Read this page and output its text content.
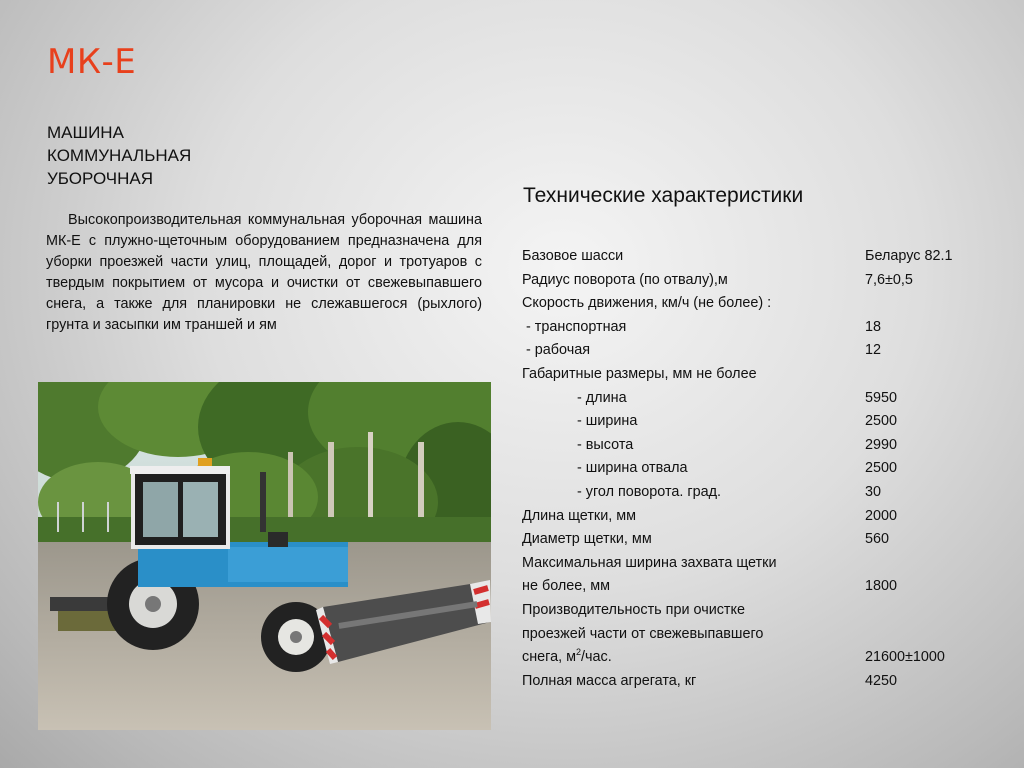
МК-Е
МАШИНА
КОММУНАЛЬНАЯ
УБОРОЧНАЯ
Высокопроизводительная коммунальная уборочная машина МК-Е с плужно-щеточным оборудованием предназначена для уборки проезжей части улиц, площадей, дорог и тротуаров с твердым покрытием от мусора и очистки от свежевыпавшего снега, а также для планировки не слежавшегося (рыхлого) грунта и засыпки им траншей и ям
Технические характеристики
Базовое шасси	Беларус 82.1
Радиус поворота (по отвалу),м	7,6±0,5
Скорость движения, км/ч (не более) :
- транспортная	18
- рабочая	12
Габаритные размеры, мм не более
- длина	5950
- ширина	2500
- высота	2990
- ширина отвала	2500
- угол поворота. град.	30
Длина щетки, мм	2000
Диаметр щетки, мм	560
Максимальная ширина захвата щетки
не более, мм	1800
Производительность при очистке
проезжей части от свежевыпавшего
снега, $м^2$/час.	21600±1000
Полная масса агрегата, кг	4250
